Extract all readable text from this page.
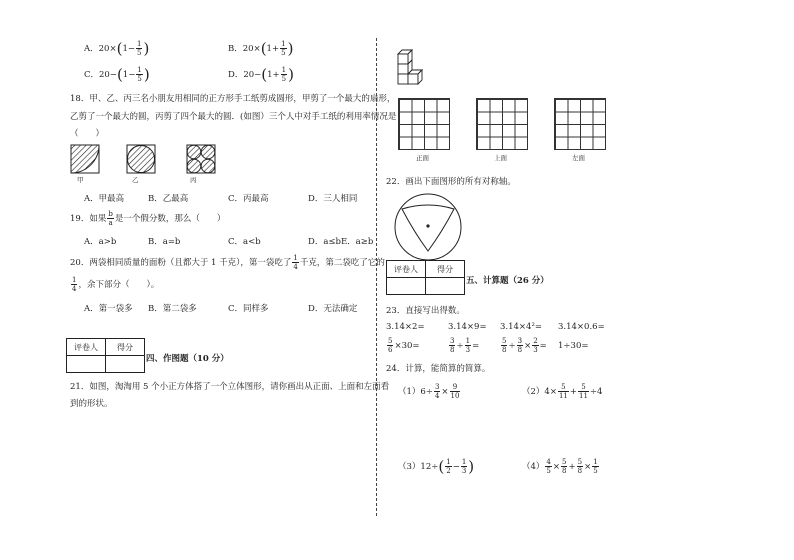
A．$20\times(1- \frac{1}{5}$ )	B．$20\times(1+ \frac{1}{5}$ )
C．$20-(1- \frac{1}{5}$ )	D．$20-(1+ \frac{1}{5}$ )
18．甲、乙、丙三名小朋友用相同的正方形手工纸剪成圆形，甲剪了一个最大的扇形，
乙剪了一个最大的圆，丙剪了四个最大的圆．(如图）三个人中对手工纸的利用率情况是
（　　）
甲	乙	丙
A．甲最高	B．乙最高	C．丙最高	D．三人相同
19．如果 $\frac{b}{a}$ 是一个假分数，那么（　　）
A．a>b	B．a=b	C．a<b	D．a≤bE．a≥b
20．两袋相同质量的面粉（且都大于 1 千克），第一袋吃了 $\frac{1}{4}$ 千克，第二袋吃了它的
$\frac{1}{4}$ ，余下部分（　　）。
A．第一袋多 B．第二袋多	C．同样多	D．无法确定
评卷人	得分

四、作图题（10 分）
21．如图，淘淘用 5 个小正方体搭了一个立体图形，请你画出从正面、上面和左面看
到的形状。
正面	上面	左面
22．画出下面图形的所有对称轴。
评卷人	得分

五、计算题（26 分）
23．直接写出得数。
3.14×2=	3.14×9= 3.14×4²= 3.14×0.6=
$\frac{5}{6} \times 30=$	$\frac{3}{8} \div \frac{1}{3}$ =	$\frac{5}{8} \div \frac{3}{8} \times \frac{2}{3} = 1\div 30=$
24．计算，能简算的简算。
$(1)6\div \frac{3}{4} \times \frac{9}{10}$	$(2)4\times \frac{5}{11} + \frac{5}{11} \div 4$
$(3)12\div( \frac{1}{2} - \frac{1}{3}$ )	$(4) \frac{4}{5} \times \frac{5}{8} + \frac{5}{8} \times \frac{1}{5}$
